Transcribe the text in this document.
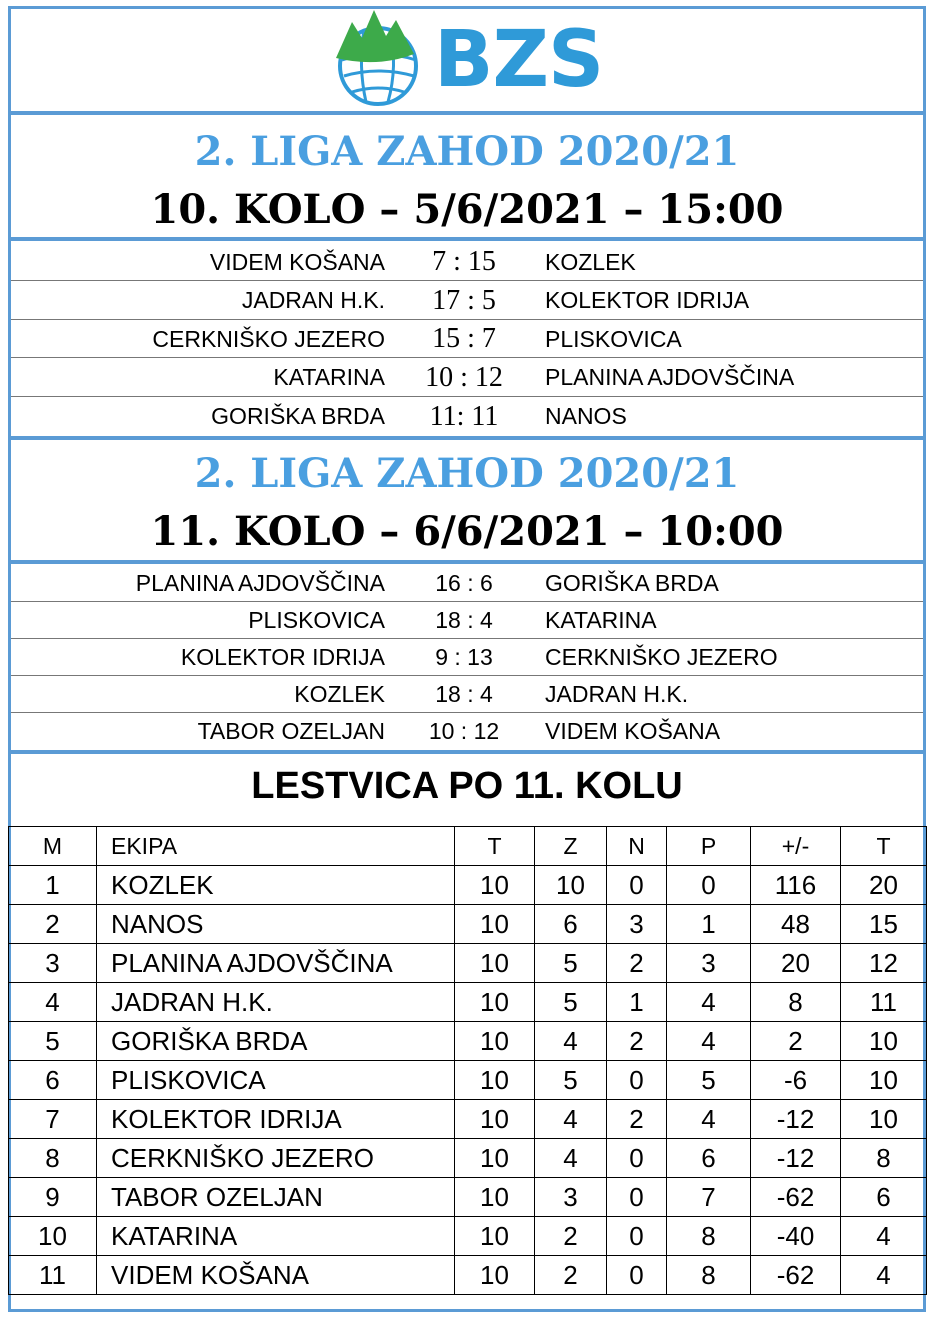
BZS
2. LIGA ZAHOD 2020/21
10. KOLO – 5/6/2021 – 15:00
VIDEM KOŠANA	7 : 15	KOZLEK
JADRAN H.K.	17 : 5	KOLEKTOR IDRIJA
CERKNIŠKO JEZERO	15 : 7	PLISKOVICA
KATARINA	10 : 12	PLANINA AJDOVŠČINA
GORIŠKA BRDA	11: 11	NANOS
2. LIGA ZAHOD 2020/21
11. KOLO – 6/6/2021 – 10:00
PLANINA AJDOVŠČINA	16 : 6	GORIŠKA BRDA
PLISKOVICA	18 : 4	KATARINA
KOLEKTOR IDRIJA	9 : 13	CERKNIŠKO JEZERO
KOZLEK	18 : 4	JADRAN H.K.
TABOR OZELJAN	10 : 12	VIDEM KOŠANA
LESTVICA PO 11. KOLU
M	EKIPA	T	Z	N	P	+/-	T
1	KOZLEK	10	10	0	0	116	20
2	NANOS	10	6	3	1	48	15
3	PLANINA AJDOVŠČINA	10	5	2	3	20	12
4	JADRAN H.K.	10	5	1	4	8	11
5	GORIŠKA BRDA	10	4	2	4	2	10
6	PLISKOVICA	10	5	0	5	-6	10
7	KOLEKTOR IDRIJA	10	4	2	4	-12	10
8	CERKNIŠKO JEZERO	10	4	0	6	-12	8
9	TABOR OZELJAN	10	3	0	7	-62	6
10	KATARINA	10	2	0	8	-40	4
11	VIDEM KOŠANA	10	2	0	8	-62	4
